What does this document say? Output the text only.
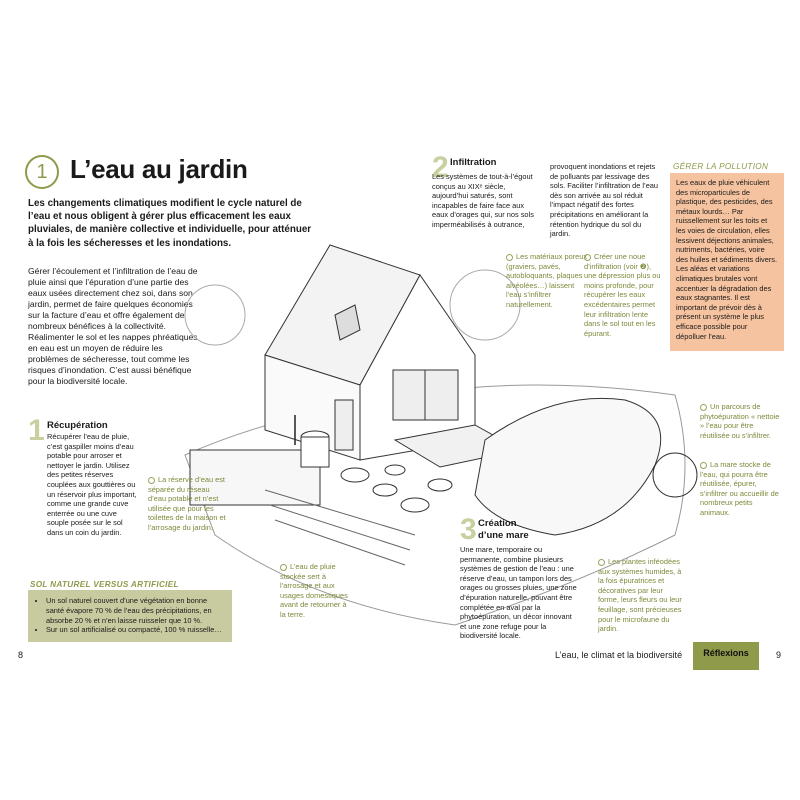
1 L’eau au jardin
Les changements climatiques modifient le cycle naturel de l’eau et nous obligent à gérer plus efficacement les eaux pluviales, de manière collective et individuelle, pour atténuer à la fois les sécheresses et les inondations.
Gérer l’écoulement et l’infiltration de l’eau de pluie ainsi que l’épuration d’une partie des eaux usées directement chez soi, dans son jardin, permet de faire quelques économies sur la facture d’eau et offre également de nombreux bénéfices à la collectivité. Réalimenter le sol et les nappes phréatiques en eau est un moyen de réduire les problèmes de sécheresse, tout comme les risques d’inondation. C’est aussi bénéfique pour la biodiversité locale.
1 Récupération
Récupérer l’eau de pluie, c’est gaspiller moins d’eau potable pour arroser et nettoyer le jardin. Utilisez des petites réserves couplées aux gouttières ou un réservoir plus important, comme une grande cuve enterrée ou une cuve souple posée sur le sol dans un coin du jardin.
2 Infiltration
Les systèmes de tout-à-l’égout conçus au XIXᵉ siècle, aujourd’hui saturés, sont incapables de faire face aux eaux d’orages qui, sur nos sols imperméabilisés à outrance,
provoquent inondations et rejets de polluants par lessivage des sols. Faciliter l’infiltration de l’eau dès son arrivée au sol réduit l’impact négatif des fortes précipitations en améliorant la rétention hydrique du sol du jardin.
3 Création
d’une mare
Une mare, temporaire ou permanente, combine plusieurs systèmes de gestion de l’eau : une réserve d’eau, un tampon lors des orages ou grosses pluies, une zone d’épuration naturelle, pouvant être complétée en aval par la phytoépuration, un décor innovant et une zone refuge pour la biodiversité locale.
Les matériaux poreux (graviers, pavés, autobloquants, plaques alvéolées…) laissent l’eau s’infiltrer naturellement.
Créer une noue d’infiltration (voir ❷), une dépression plus ou moins profonde, pour récupérer les eaux excédentaires permet leur infiltration lente dans le sol tout en les épurant.
La réserve d’eau est séparée du réseau d’eau potable et n’est utilisée que pour les toilettes de la maison et l’arrosage du jardin.
L’eau de pluie stockée sert à l’arrosage et aux usages domestiques avant de retourner à la terre.
Un parcours de phytoépuration « nettoie » l’eau pour être réutilisée ou s’infiltrer.
La mare stocke de l’eau, qui pourra être réutilisée, épurer, s’infiltrer ou accueillir de nombreux petits animaux.
Les plantes inféodées aux systèmes humides, à la fois épuratrices et décoratives par leur forme, leurs fleurs ou leur feuillage, sont précieuses pour le microfaune du jardin.
GÉRER LA POLLUTION
Les eaux de pluie véhiculent des microparticules de plastique, des pesticides, des métaux lourds… Par ruissellement sur les toits et les voies de circulation, elles lessivent déjections animales, nutriments, bactéries, voire des huiles et sédiments divers. Les aléas et variations climatiques brutales vont accentuer la dégradation des eaux stagnantes. Il est important de prévoir dès à présent un système le plus efficace possible pour dépolluer l’eau.
SOL NATUREL VERSUS ARTIFICIEL
• Un sol naturel couvert d’une végétation en bonne santé évapore 70 % de l’eau des précipitations, en absorbe 20 % et n’en laisse ruisseler que 10 %.
• Sur un sol artificialisé ou compacté, 100 % ruisselle…
8	L’eau, le climat et la biodiversité	Réflexions	9
